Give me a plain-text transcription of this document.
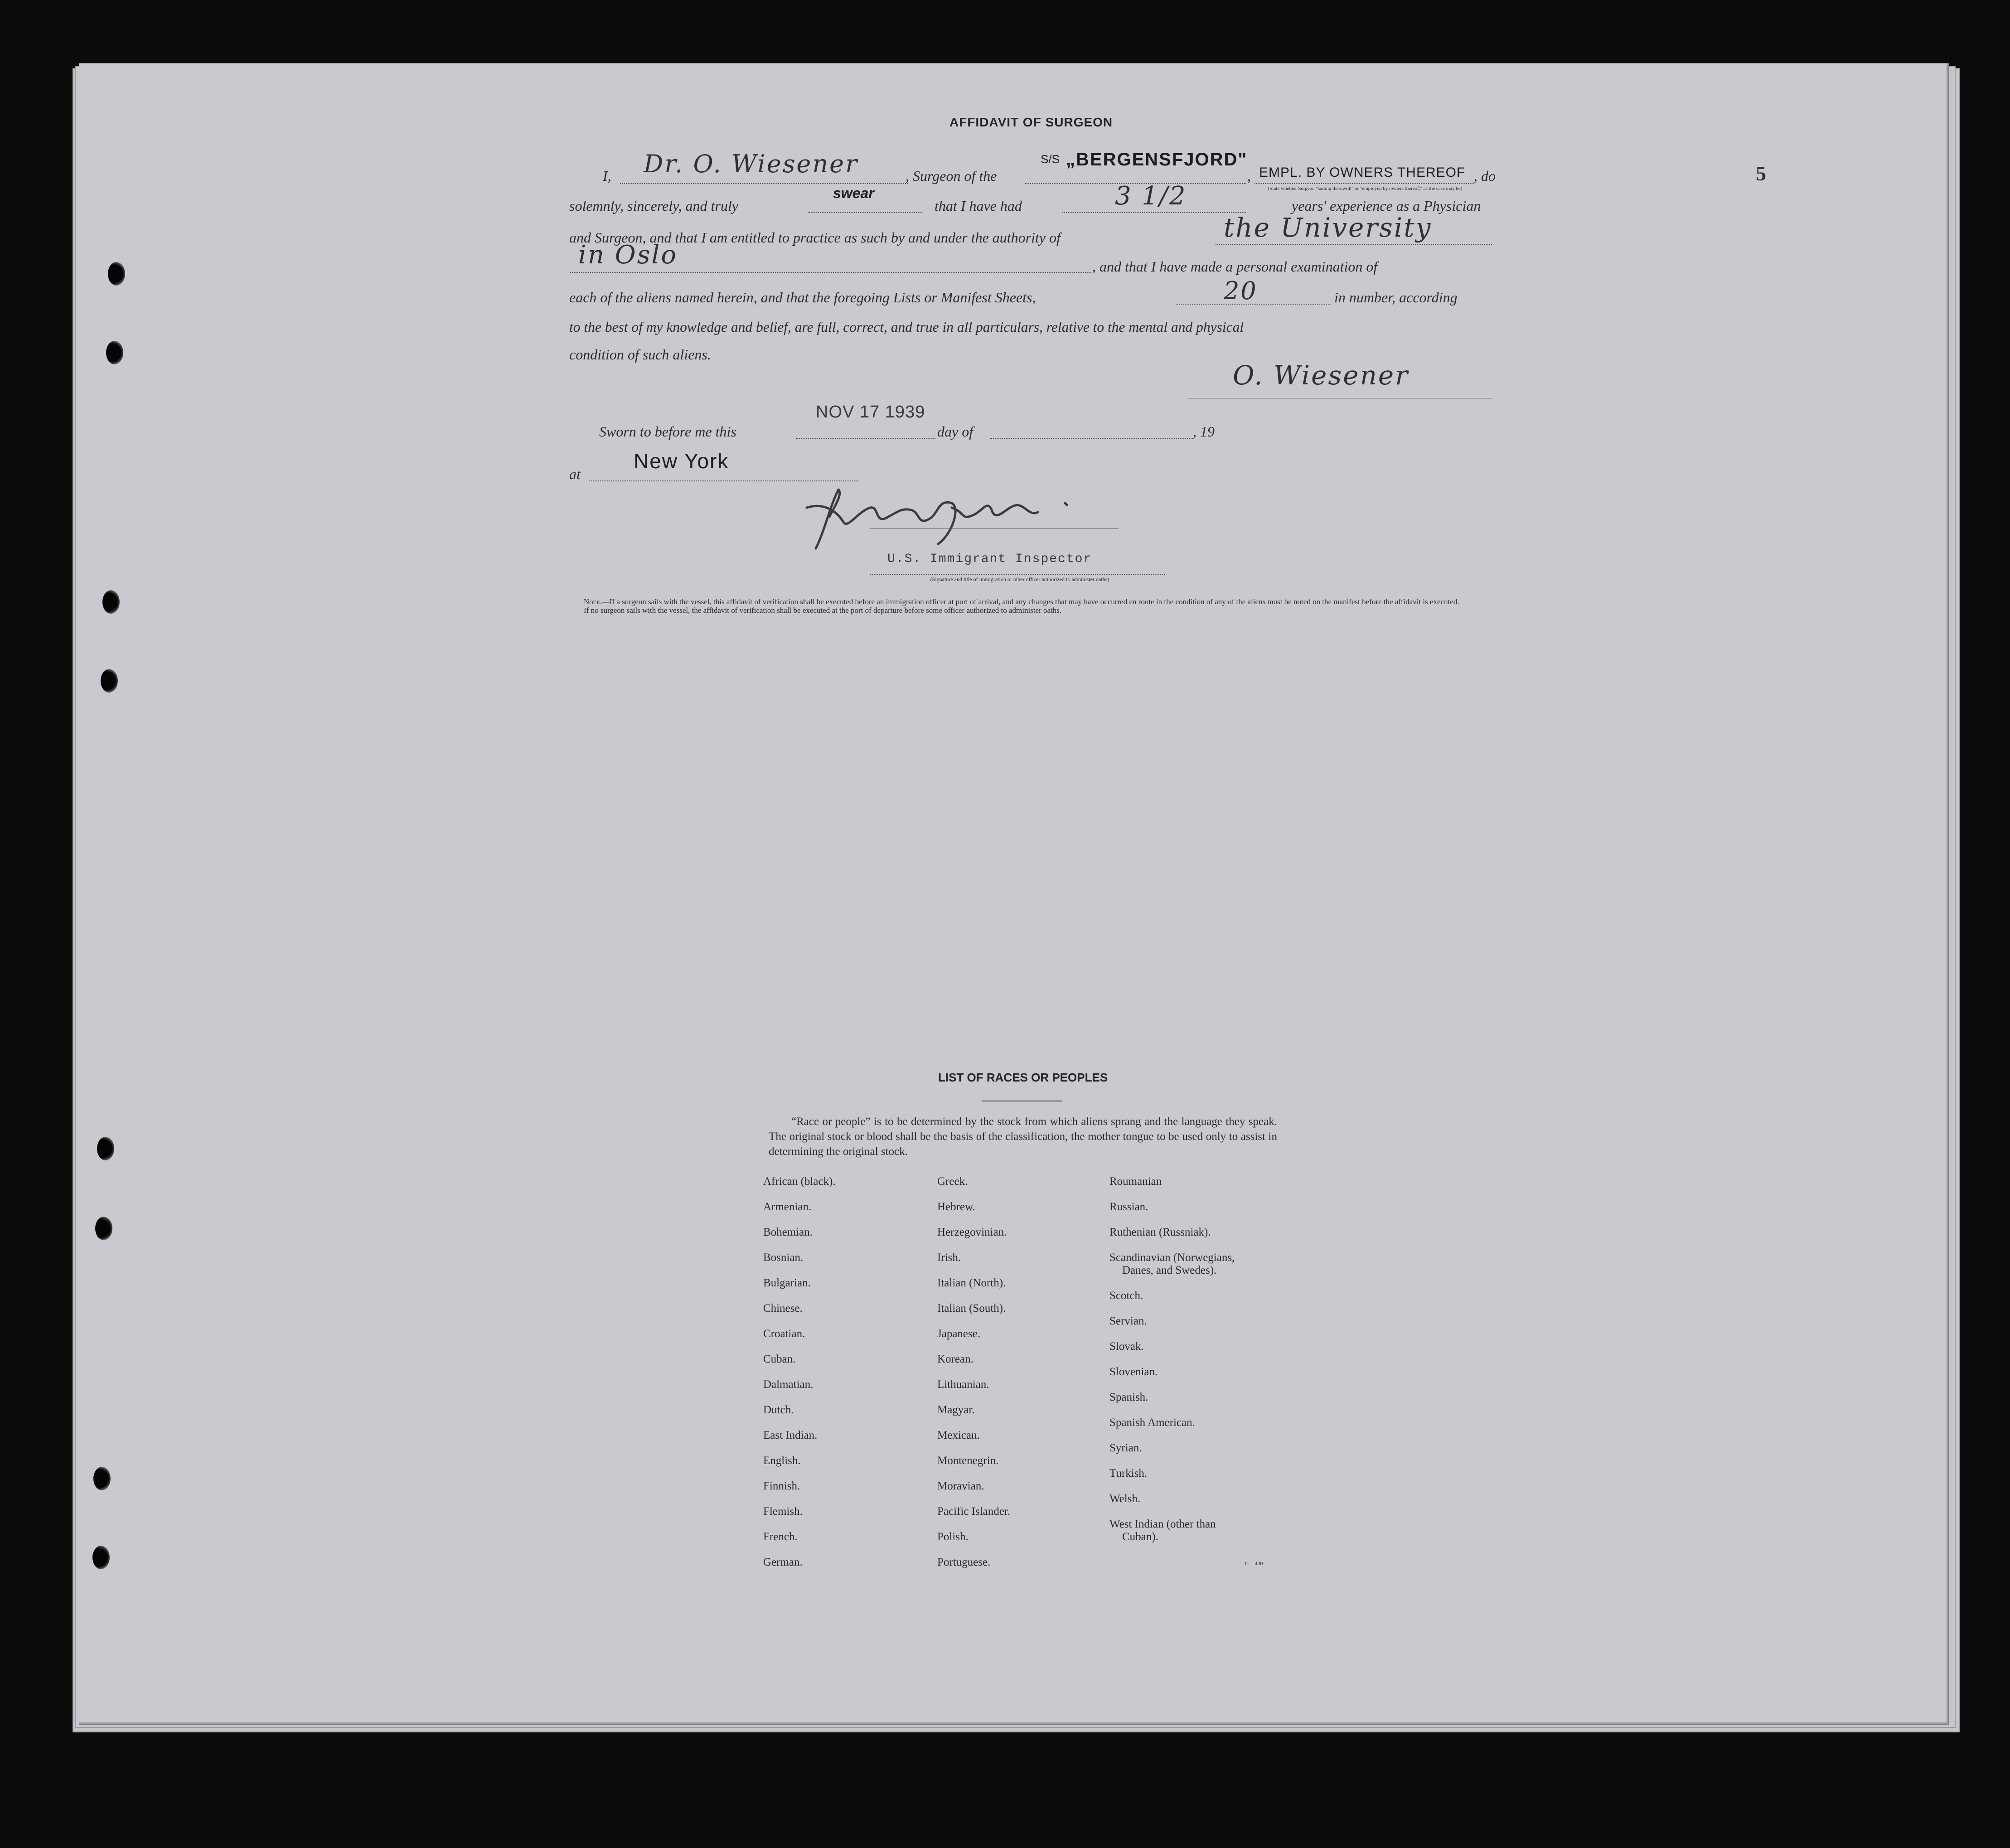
5
AFFIDAVIT OF SURGEON
I, Dr. O. Wiesener	, Surgeon of the
S/S „BERGENSFJORD"
, EMPL. BY OWNERS THEREOF , do
(State whether Surgeon "sailing therewith" or "employed by owners thereof," as the case may be)
solemnly, sincerely, and truly
swear
that I have had	3 1/2	years' experience as a Physician
and Surgeon, and that I am entitled to practice as such by and under the authority of	the University
in Oslo	, and that I have made a personal examination of
each of the aliens named herein, and that the foregoing Lists or Manifest Sheets,	20	in number, according
to the best of my knowledge and belief, are full, correct, and true in all particulars, relative to the mental and physical
condition of such aliens.
O. Wiesener
Sworn to before me this
NOV 17 1939
day of	, 19
at
New York
U.S. Immigrant Inspector
(Signature and title of immigration or other officer authorized to administer oaths)

Note.—If a surgeon sails with the vessel, this affidavit of verification shall be executed before an immigration officer at port of arrival, and any changes that may have occurred en route in the condition of any of the aliens must be noted on the manifest before the affidavit is executed.

If no surgeon sails with the vessel, the affidavit of verification shall be executed at the port of departure before some officer authorized to administer oaths.

LIST OF RACES OR PEOPLES

“Race or people” is to be determined by the stock from which aliens sprang and the language they speak. The original stock or blood shall be the basis of the classification, the mother tongue to be used only to assist in determining the original stock.

African (black).
Armenian.
Bohemian.
Bosnian.
Bulgarian.
Chinese.
Croatian.
Cuban.
Dalmatian.
Dutch.
East Indian.
English.
Finnish.
Flemish.
French.
German.
Greek.
Hebrew.
Herzegovinian.
Irish.
Italian (North).
Italian (South).
Japanese.
Korean.
Lithuanian.
Magyar.
Mexican.
Montenegrin.
Moravian.
Pacific Islander.
Polish.
Portuguese.
Roumanian
Russian.
Ruthenian (Russniak).
Scandinavian (Norwegians,
Danes, and Swedes).
Scotch.
Servian.
Slovak.
Slovenian.
Spanish.
Spanish American.
Syrian.
Turkish.
Welsh.
West Indian (other than
Cuban).
11—430
